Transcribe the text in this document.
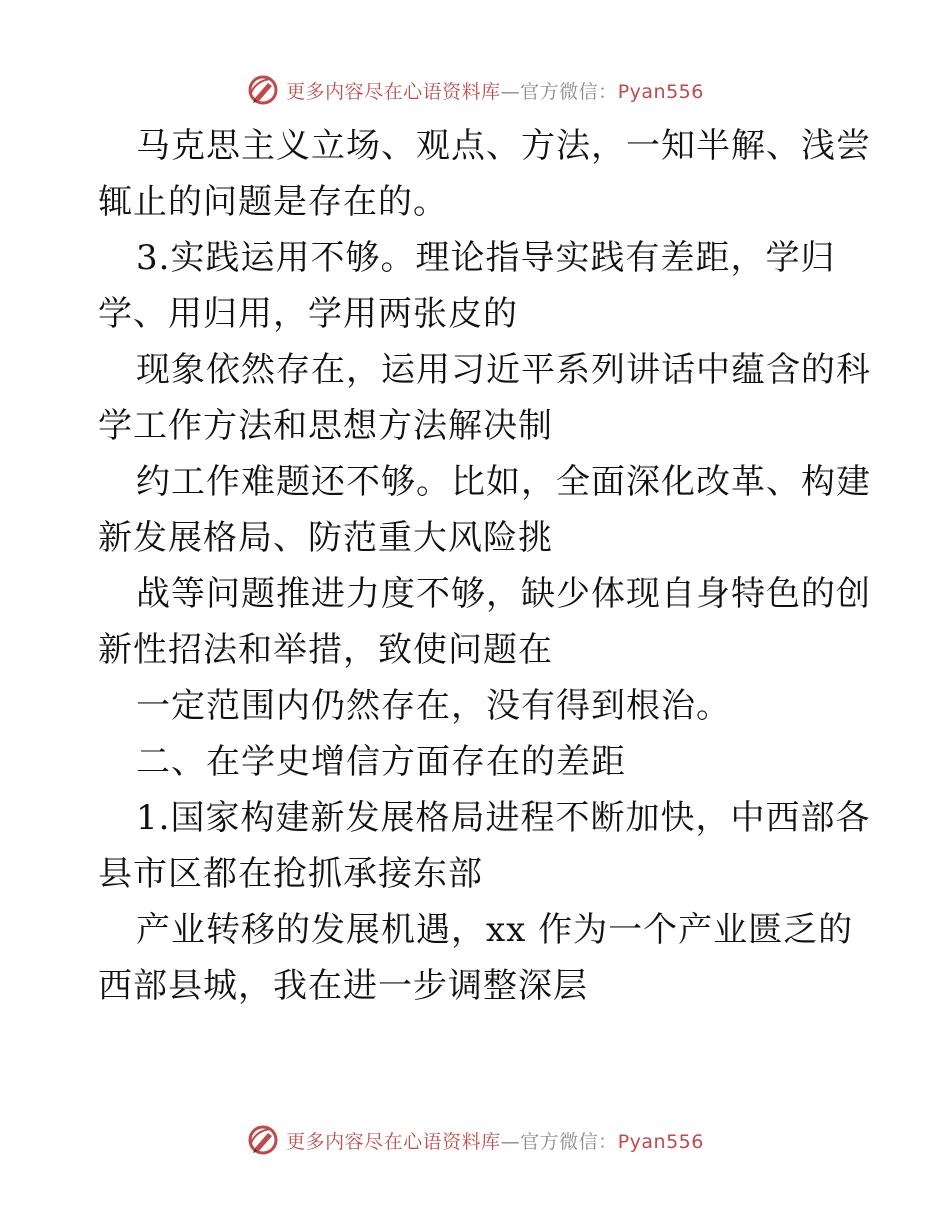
更多内容尽在心语资料库—官方微信：Pyan556
马克思主义立场、观点、方法，一知半解、浅尝
辄止的问题是存在的。
3.实践运用不够。理论指导实践有差距，学归
学、用归用，学用两张皮的
现象依然存在，运用习近平系列讲话中蕴含的科
学工作方法和思想方法解决制
约工作难题还不够。比如，全面深化改革、构建
新发展格局、防范重大风险挑
战等问题推进力度不够，缺少体现自身特色的创
新性招法和举措，致使问题在
一定范围内仍然存在，没有得到根治。
二、在学史增信方面存在的差距
1.国家构建新发展格局进程不断加快，中西部各
县市区都在抢抓承接东部
产业转移的发展机遇，xx 作为一个产业匮乏的
西部县城，我在进一步调整深层
更多内容尽在心语资料库—官方微信：Pyan556
